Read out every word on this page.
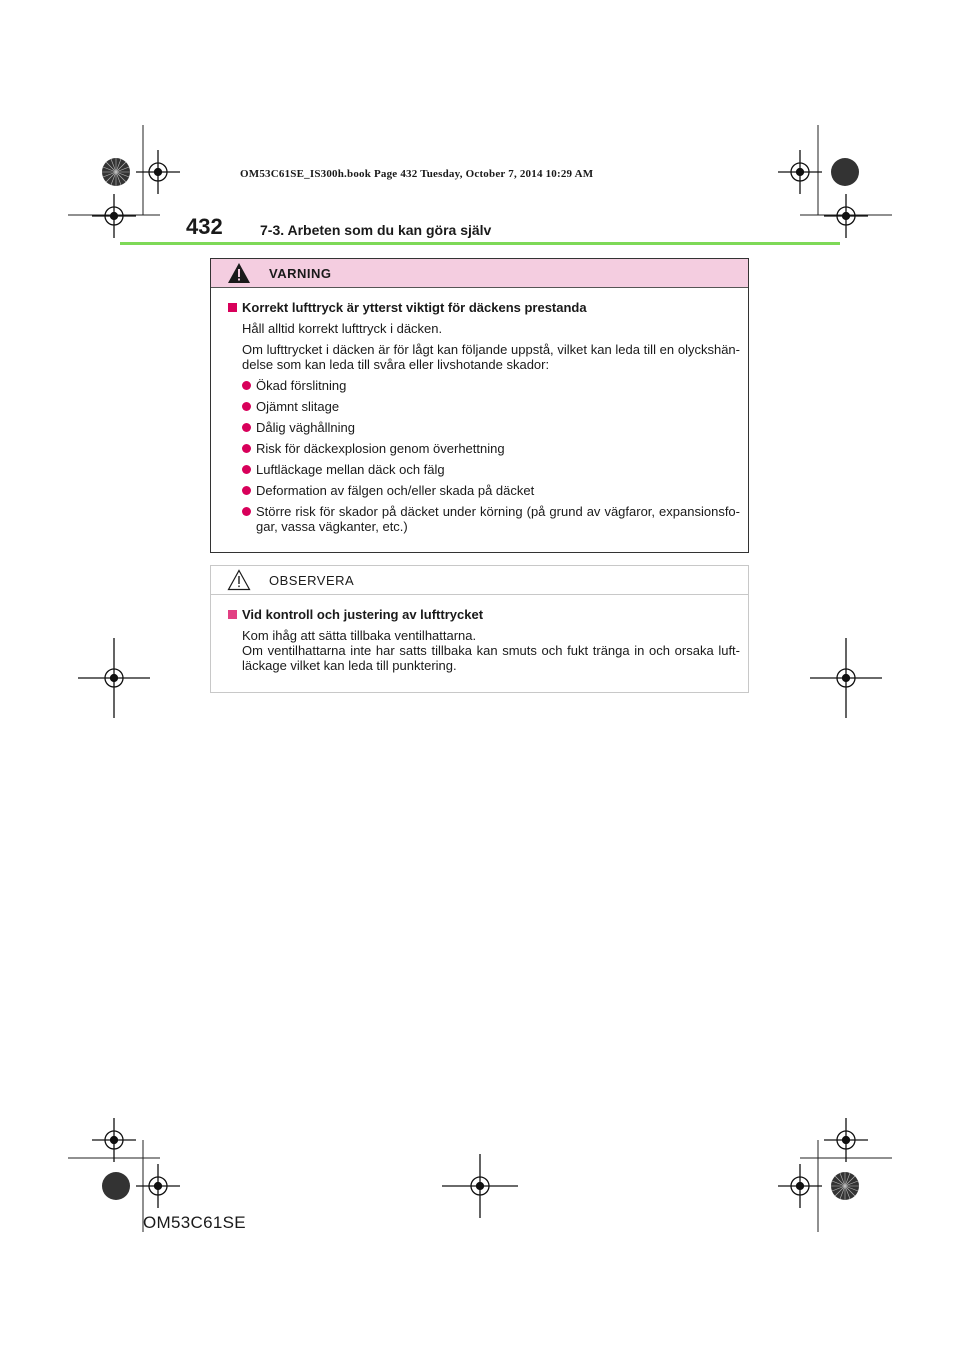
OM53C61SE_IS300h.book Page 432 Tuesday, October 7, 2014 10:29 AM
432	7-3. Arbeten som du kan göra själv
VARNING
Korrekt lufttryck är ytterst viktigt för däckens prestanda
Håll alltid korrekt lufttryck i däcken.
Om lufttrycket i däcken är för lågt kan följande uppstå, vilket kan leda till en olyckshän-delse som kan leda till svåra eller livshotande skador:
Ökad förslitning
Ojämnt slitage
Dålig väghållning
Risk för däckexplosion genom överhettning
Luftläckage mellan däck och fälg
Deformation av fälgen och/eller skada på däcket
Större risk för skador på däcket under körning (på grund av vägfaror, expansionsfo-gar, vassa vägkanter, etc.)
OBSERVERA
Vid kontroll och justering av lufttrycket
Kom ihåg att sätta tillbaka ventilhattarna.
Om ventilhattarna inte har satts tillbaka kan smuts och fukt tränga in och orsaka luft-läckage vilket kan leda till punktering.
OM53C61SE
